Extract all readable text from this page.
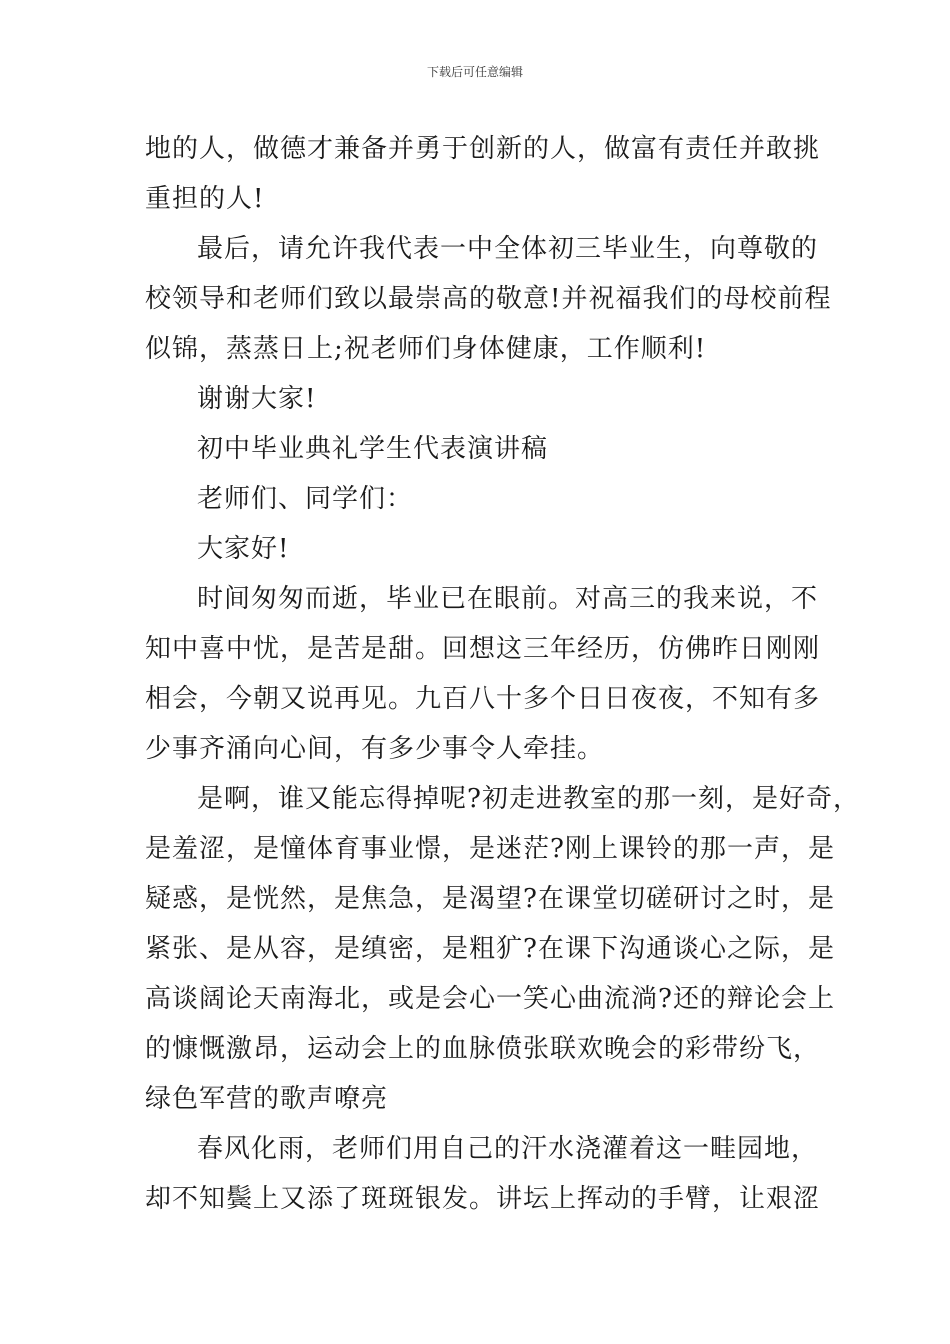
下载后可任意编辑
地的人，做德才兼备并勇于创新的人，做富有责任并敢挑
重担的人!
最后，请允许我代表一中全体初三毕业生，向尊敬的
校领导和老师们致以最崇高的敬意!并祝福我们的母校前程
似锦，蒸蒸日上;祝老师们身体健康，工作顺利!
谢谢大家!
初中毕业典礼学生代表演讲稿
老师们、同学们：
大家好!
时间匆匆而逝，毕业已在眼前。对高三的我来说，不
知中喜中忧，是苦是甜。回想这三年经历，仿佛昨日刚刚
相会，今朝又说再见。九百八十多个日日夜夜，不知有多
少事齐涌向心间，有多少事令人牵挂。
是啊，谁又能忘得掉呢?初走进教室的那一刻，是好奇，
是羞涩，是憧体育事业憬，是迷茫?刚上课铃的那一声，是
疑惑，是恍然，是焦急，是渴望?在课堂切磋研讨之时，是
紧张、是从容，是缜密，是粗犷?在课下沟通谈心之际，是
高谈阔论天南海北，或是会心一笑心曲流淌?还的辩论会上
的慷慨激昂，运动会上的血脉偾张联欢晚会的彩带纷飞，
绿色军营的歌声嘹亮
春风化雨，老师们用自己的汗水浇灌着这一畦园地，
却不知鬓上又添了斑斑银发。讲坛上挥动的手臂，让艰涩
